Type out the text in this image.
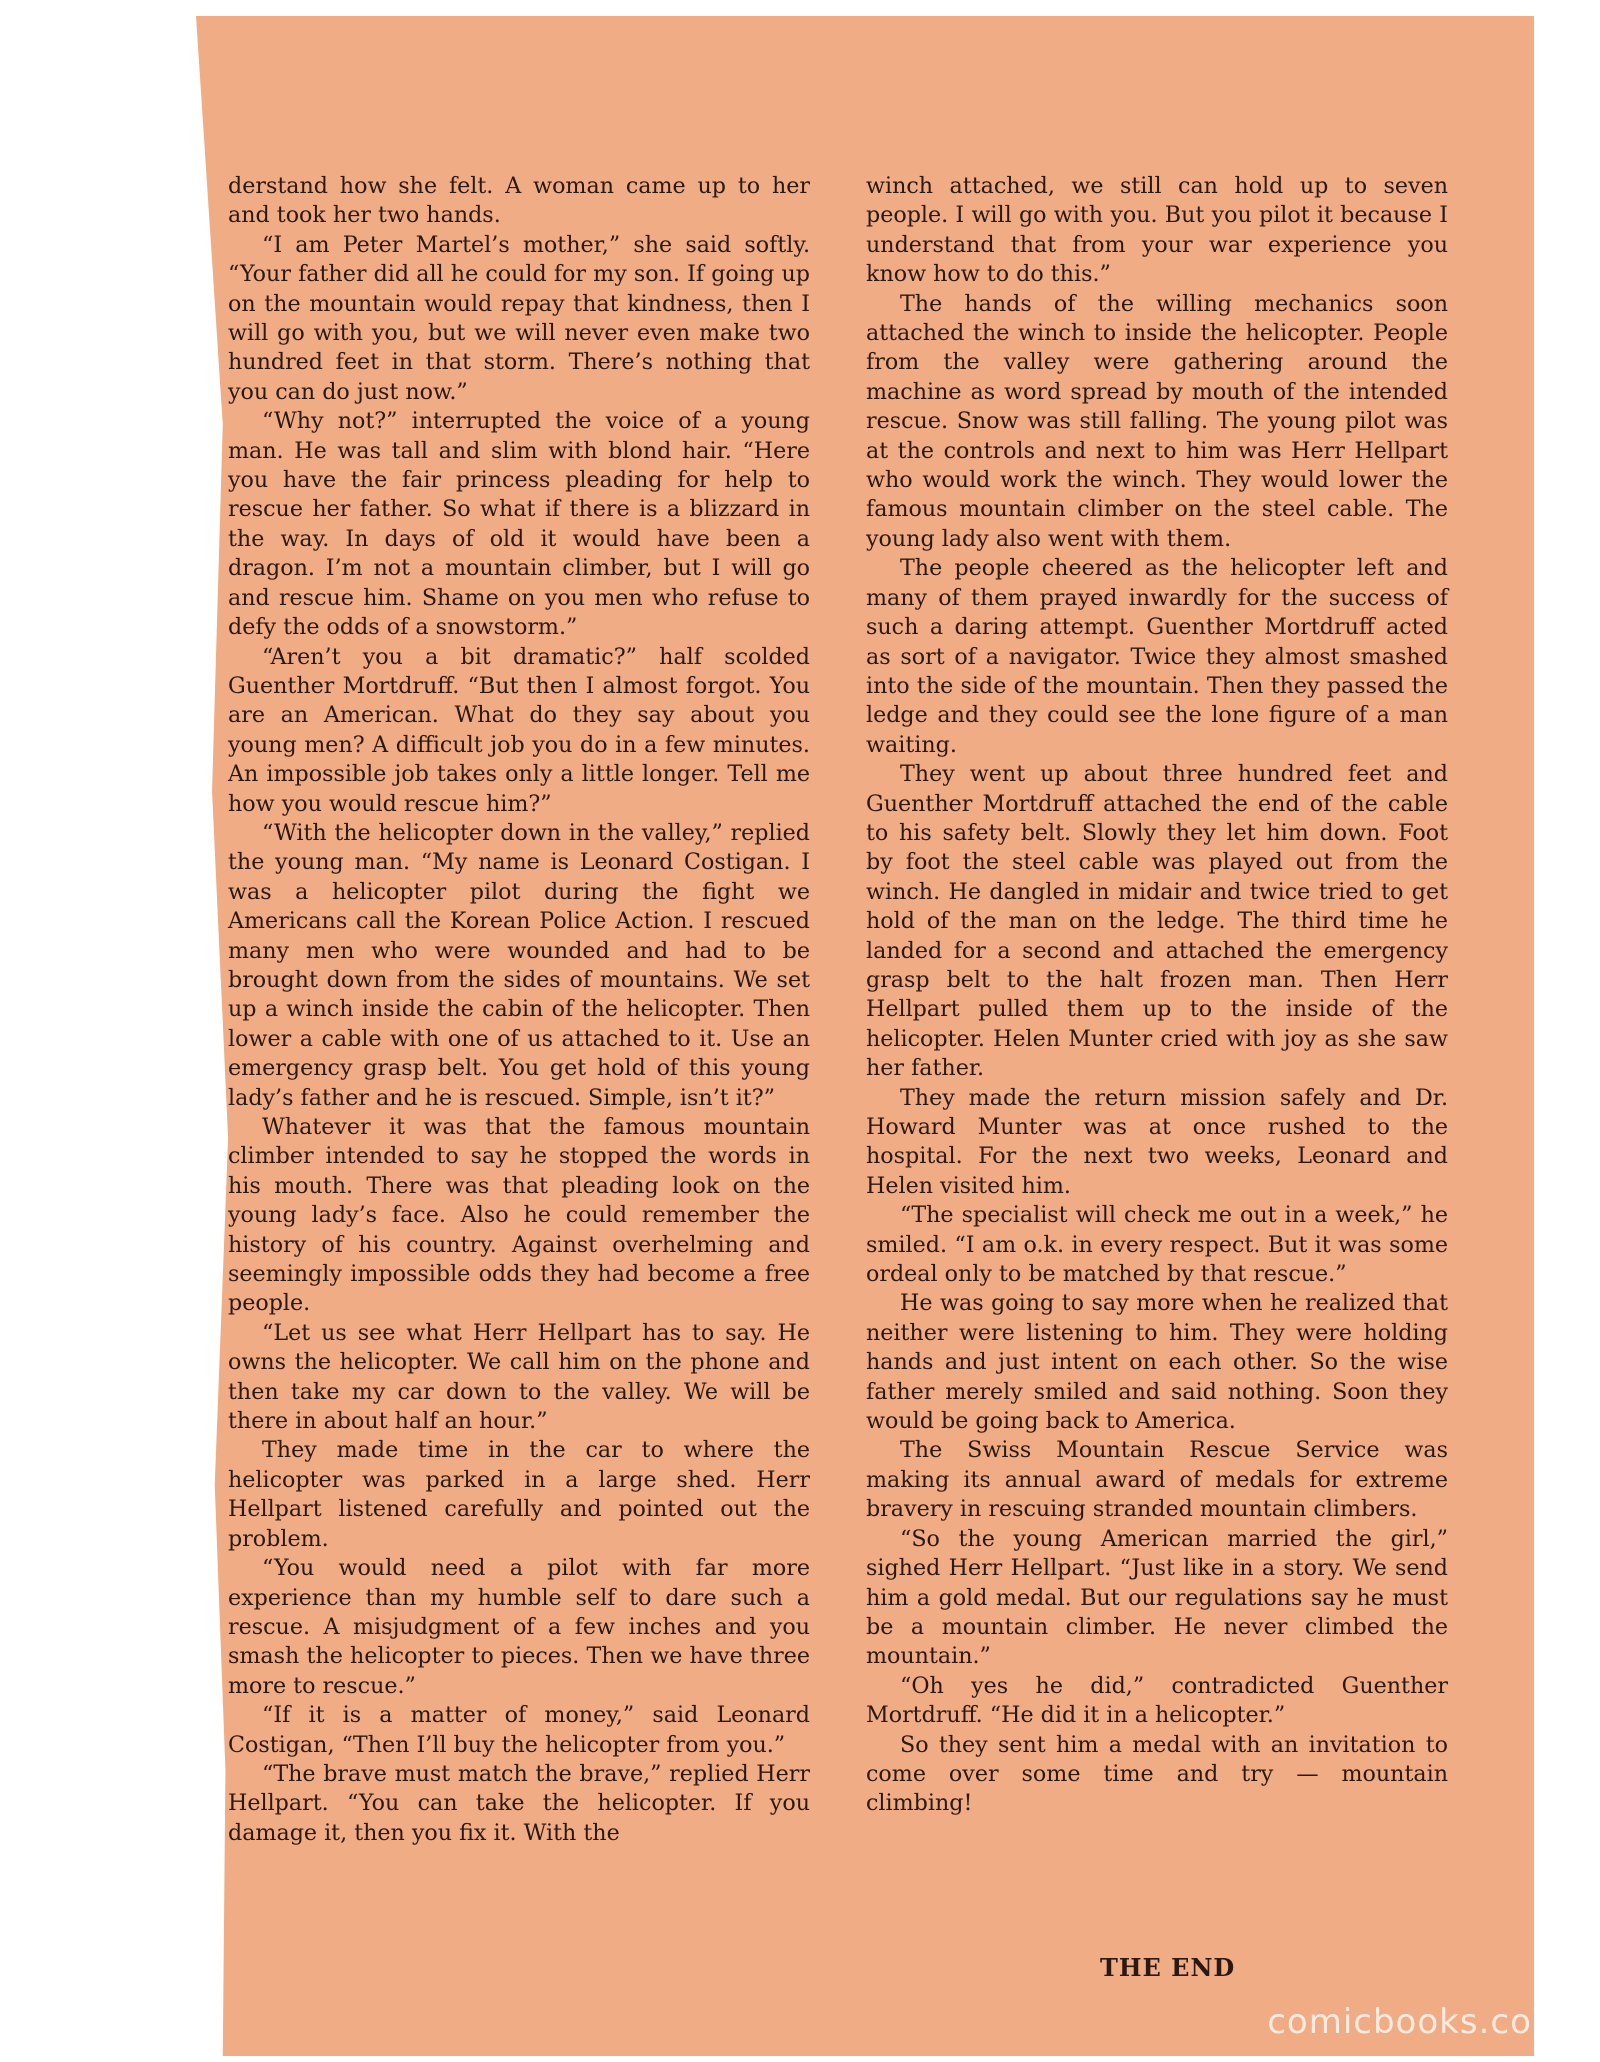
derstand how she felt. A woman came up to her and took her two hands.

“I am Peter Martel’s mother,” she said softly. “Your father did all he could for my son. If going up on the mountain would repay that kindness, then I will go with you, but we will never even make two hundred feet in that storm. There’s nothing that you can do just now.”

“Why not?” interrupted the voice of a young man. He was tall and slim with blond hair. “Here you have the fair princess pleading for help to rescue her father. So what if there is a blizzard in the way. In days of old it would have been a dragon. I’m not a mountain climber, but I will go and rescue him. Shame on you men who refuse to defy the odds of a snowstorm.”

“Aren’t you a bit dramatic?” half scolded Guenther Mortdruff. “But then I almost forgot. You are an American. What do they say about you young men? A difficult job you do in a few minutes. An impossible job takes only a little longer. Tell me how you would rescue him?”

“With the helicopter down in the valley,” replied the young man. “My name is Leonard Costigan. I was a helicopter pilot during the fight we Americans call the Korean Police Action. I rescued many men who were wounded and had to be brought down from the sides of mountains. We set up a winch inside the cabin of the helicopter. Then lower a cable with one of us attached to it. Use an emergency grasp belt. You get hold of this young lady’s father and he is rescued. Simple, isn’t it?”

Whatever it was that the famous mountain climber intended to say he stopped the words in his mouth. There was that pleading look on the young lady’s face. Also he could remember the history of his country. Against overhelming and seemingly impossible odds they had become a free people.

“Let us see what Herr Hellpart has to say. He owns the helicopter. We call him on the phone and then take my car down to the valley. We will be there in about half an hour.”

They made time in the car to where the helicopter was parked in a large shed. Herr Hellpart listened carefully and pointed out the problem.

“You would need a pilot with far more experience than my humble self to dare such a rescue. A misjudgment of a few inches and you smash the helicopter to pieces. Then we have three more to rescue.”

“If it is a matter of money,” said Leonard Costigan, “Then I’ll buy the helicopter from you.”

“The brave must match the brave,” replied Herr Hellpart. “You can take the helicopter. If you damage it, then you fix it. With the

winch attached, we still can hold up to seven people. I will go with you. But you pilot it because I understand that from your war experience you know how to do this.”

The hands of the willing mechanics soon attached the winch to inside the helicopter. People from the valley were gathering around the machine as word spread by mouth of the intended rescue. Snow was still falling. The young pilot was at the controls and next to him was Herr Hellpart who would work the winch. They would lower the famous mountain climber on the steel cable. The young lady also went with them.

The people cheered as the helicopter left and many of them prayed inwardly for the success of such a daring attempt. Guenther Mortdruff acted as sort of a navigator. Twice they almost smashed into the side of the mountain. Then they passed the ledge and they could see the lone figure of a man waiting.

They went up about three hundred feet and Guenther Mortdruff attached the end of the cable to his safety belt. Slowly they let him down. Foot by foot the steel cable was played out from the winch. He dangled in midair and twice tried to get hold of the man on the ledge. The third time he landed for a second and attached the emergency grasp belt to the halt frozen man. Then Herr Hellpart pulled them up to the inside of the helicopter. Helen Munter cried with joy as she saw her father.

They made the return mission safely and Dr. Howard Munter was at once rushed to the hospital. For the next two weeks, Leonard and Helen visited him.

“The specialist will check me out in a week,” he smiled. “I am o.k. in every respect. But it was some ordeal only to be matched by that rescue.”

He was going to say more when he realized that neither were listening to him. They were holding hands and just intent on each other. So the wise father merely smiled and said nothing. Soon they would be going back to America.

The Swiss Mountain Rescue Service was making its annual award of medals for extreme bravery in rescuing stranded mountain climbers.

“So the young American married the girl,” sighed Herr Hellpart. “Just like in a story. We send him a gold medal. But our regulations say he must be a mountain climber. He never climbed the mountain.”

“Oh yes he did,” contradicted Guenther Mortdruff. “He did it in a helicopter.”

So they sent him a medal with an invitation to come over some time and try — mountain climbing!

THE END
comicbooks.com
